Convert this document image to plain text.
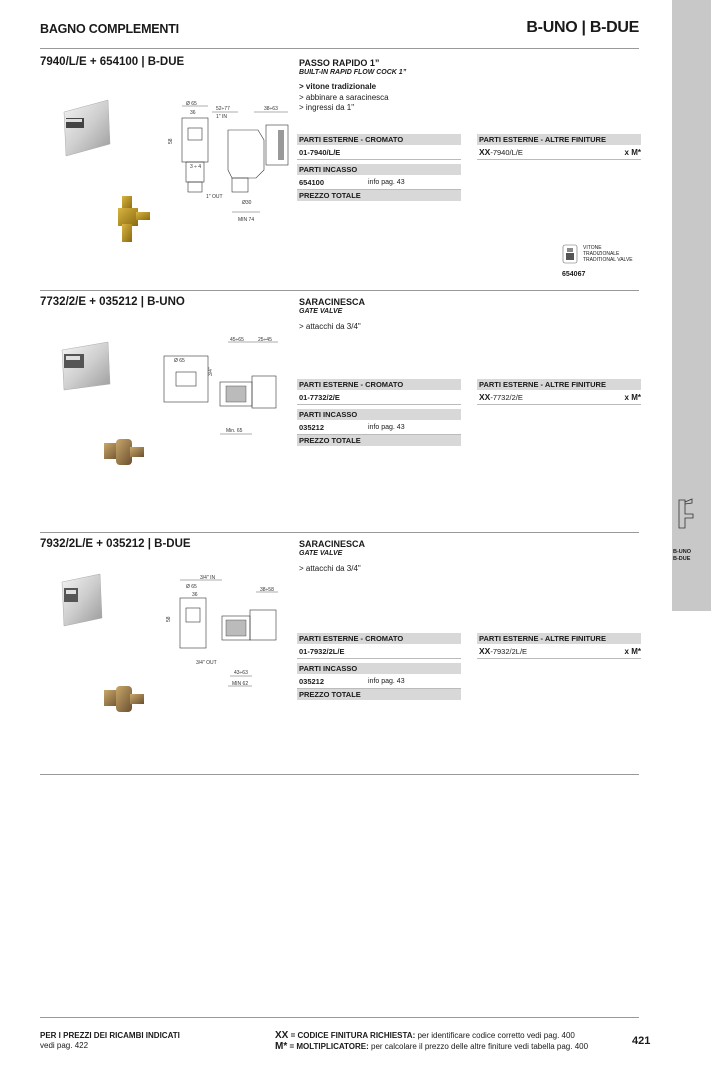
BAGNO COMPLEMENTI	B-UNO | B-DUE
B-UNO
B-DUE
7940/L/E + 654100 | B-DUE	PASSO RAPIDO 1”
BUILT-IN RAPID FLOW COCK 1”
> vitone tradizionale
> abbinare a saracinesca
> ingressi da 1"
Ø 65
36
52÷77
1" IN
38÷63
58
3 ÷ 4
1" OUT
Ø30
MIN 74
PARTI ESTERNE - CROMATO
01-7940/L/E
PARTI INCASSO
654100	info pag. 43
PREZZO TOTALE
PARTI ESTERNE - ALTRE FINITURE
XX-7940/L/E	x M*
VITONE
TRADIZIONALE
TRADITIONAL VALVE
654067
7732/2/E + 035212 | B-UNO	SARACINESCA
GATE VALVE
> attacchi da 3/4"
Ø 65
3/4"
45÷65	25÷45
Min. 65
PARTI ESTERNE - CROMATO
01-7732/2/E
PARTI INCASSO
035212	info pag. 43
PREZZO TOTALE
PARTI ESTERNE - ALTRE FINITURE
XX-7732/2/E	x M*
7932/2L/E + 035212 | B-DUE	SARACINESCA
GATE VALVE
> attacchi da 3/4"
3/4" IN
Ø 65
36
58
38÷58
3/4" OUT
43÷63
MIN 62
PARTI ESTERNE - CROMATO
01-7932/2L/E
PARTI INCASSO
035212	info pag. 43
PREZZO TOTALE
PARTI ESTERNE - ALTRE FINITURE
XX-7932/2L/E	x M*
PER I PREZZI DEI RICAMBI INDICATI
vedi pag. 422
XX = CODICE FINITURA RICHIESTA: per identificare codice corretto vedi pag. 400
M* = MOLTIPLICATORE: per calcolare il prezzo delle altre finiture vedi tabella pag. 400	421
